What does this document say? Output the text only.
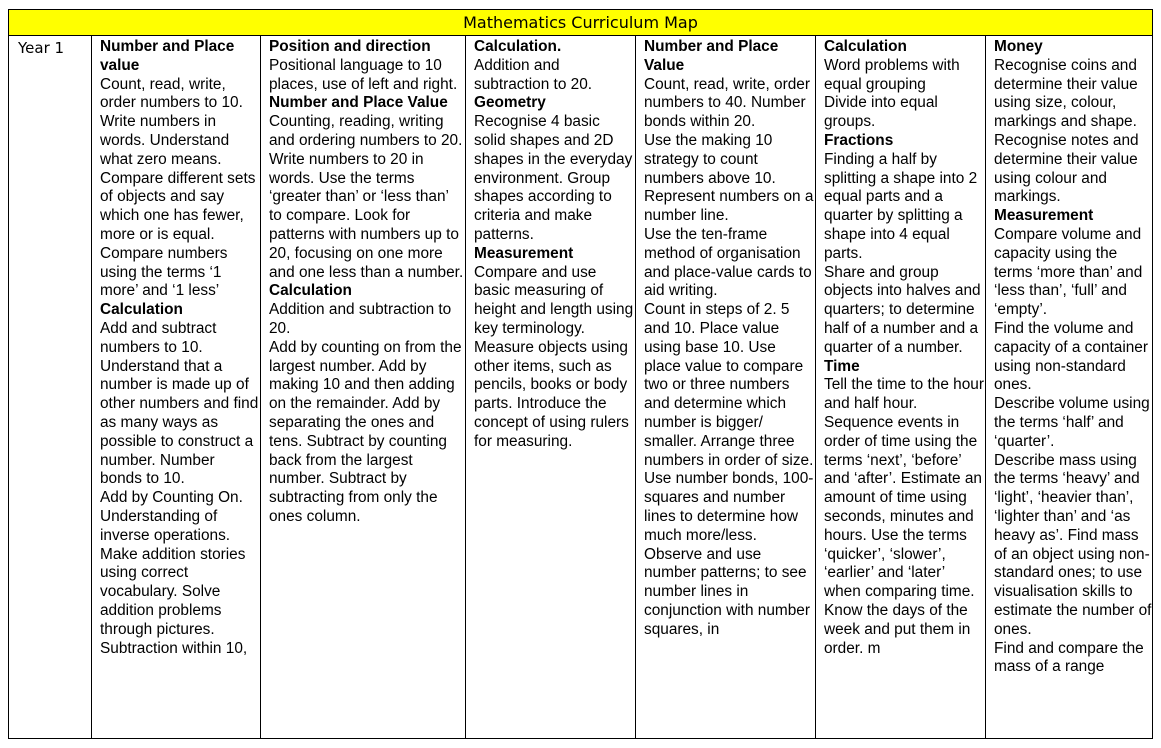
Mathematics Curriculum Map
Year 1	Number and Place value
Count, read, write, order numbers to 10. Write numbers in words. Understand what zero means. Compare different sets of objects and say which one has fewer, more or is equal. Compare numbers using the terms ‘1 more’ and ‘1 less’
Calculation
Add and subtract numbers to 10. Understand that a number is made up of other numbers and find as many ways as possible to construct a number. Number bonds to 10.
Add by Counting On. Understanding of inverse operations. Make addition stories using correct vocabulary. Solve addition problems through pictures. Subtraction within 10,
Position and direction
Positional language to 10 places, use of left and right.
Number and Place Value
Counting, reading, writing and ordering numbers to 20.
Write numbers to 20 in words. Use the terms ‘greater than’ or ‘less than’ to compare. Look for patterns with numbers up to 20, focusing on one more and one less than a number.
Calculation
Addition and subtraction to 20.
Add by counting on from the largest number. Add by making 10 and then adding on the remainder. Add by separating the ones and tens. Subtract by counting back from the largest number. Subtract by subtracting from only the ones column.
Calculation.
Addition and subtraction to 20.
Geometry
Recognise 4 basic solid shapes and 2D shapes in the everyday environment. Group shapes according to criteria and make patterns.
Measurement
Compare and use basic measuring of height and length using key terminology.
Measure objects using other items, such as pencils, books or body parts. Introduce the concept of using rulers for measuring.
Number and Place Value
Count, read, write, order numbers to 40. Number bonds within 20.
Use the making 10 strategy to count numbers above 10. Represent numbers on a number line.
Use the ten-frame method of organisation and place-value cards to aid writing.
Count in steps of 2. 5 and 10. Place value using base 10. Use place value to compare two or three numbers and determine which number is bigger/ smaller. Arrange three numbers in order of size. Use number bonds, 100-squares and number lines to determine how much more/less.
Observe and use number patterns; to see number lines in conjunction with number squares, in
Calculation
Word problems with equal grouping
Divide into equal groups.
Fractions
Finding a half by splitting a shape into 2 equal parts and a quarter by splitting a shape into 4 equal parts.
Share and group objects into halves and quarters; to determine half of a number and a quarter of a number.
Time
Tell the time to the hour and half hour. Sequence events in order of time using the terms ‘next’, ‘before’ and ‘after’. Estimate an amount of time using seconds, minutes and hours. Use the terms ‘quicker’, ‘slower’, ‘earlier’ and ‘later’ when comparing time. Know the days of the week and put them in order. m
Money
Recognise coins and determine their value using size, colour, markings and shape.
Recognise notes and determine their value using colour and markings.
Measurement
Compare volume and capacity using the terms ‘more than’ and ‘less than’, ‘full’ and ‘empty’.
Find the volume and capacity of a container using non-standard ones.
Describe volume using the terms ‘half’ and ‘quarter’.
Describe mass using the terms ‘heavy’ and ‘light’, ‘heavier than’, ‘lighter than’ and ‘as heavy as’. Find mass of an object using non-standard ones; to use visualisation skills to estimate the number of ones.
Find and compare the mass of a range
